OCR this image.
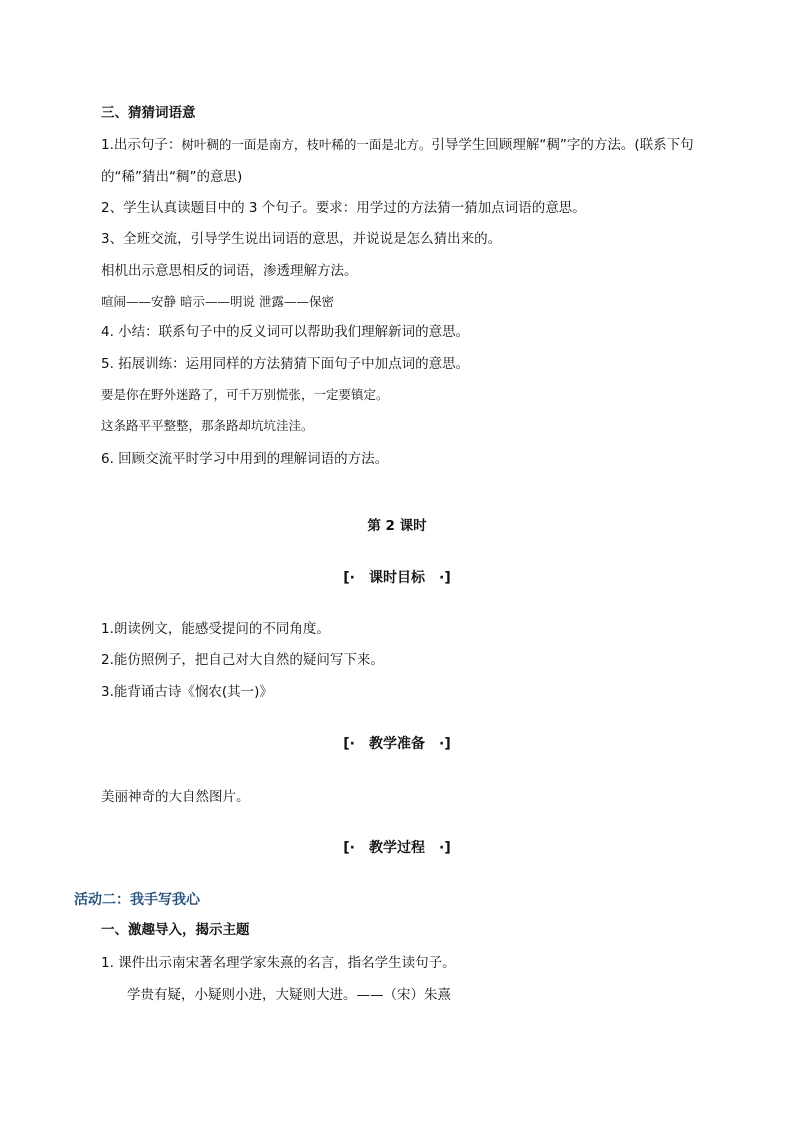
三、猜猜词语意
1.出示句子：树叶稠的一面是南方，枝叶稀的一面是北方。引导学生回顾理解“稠”字的方法。(联系下句的“稀”猜出“稠”的意思)
2、学生认真读题目中的 3 个句子。要求：用学过的方法猜一猜加点词语的意思。
3、全班交流，引导学生说出词语的意思，并说说是怎么猜出来的。
相机出示意思相反的词语，渗透理解方法。
喧闹——安静 暗示——明说 泄露——保密
4. 小结：联系句子中的反义词可以帮助我们理解新词的意思。
5. 拓展训练：运用同样的方法猜猜下面句子中加点词的意思。
要是你在野外迷路了，可千万别慌张，一定要镇定。
这条路平平整整，那条路却坑坑洼洼。
6. 回顾交流平时学习中用到的理解词语的方法。
第 2 课时
[· 课时目标 ·]
1.朗读例文，能感受提问的不同角度。
2.能仿照例子，把自己对大自然的疑问写下来。
3.能背诵古诗《悯农(其一)》
[· 教学准备 ·]
美丽神奇的大自然图片。
[· 教学过程 ·]
活动二：我手写我心
一、激趣导入，揭示主题
1. 课件出示南宋著名理学家朱熹的名言，指名学生读句子。
学贵有疑，小疑则小进，大疑则大进。——（宋）朱熹
